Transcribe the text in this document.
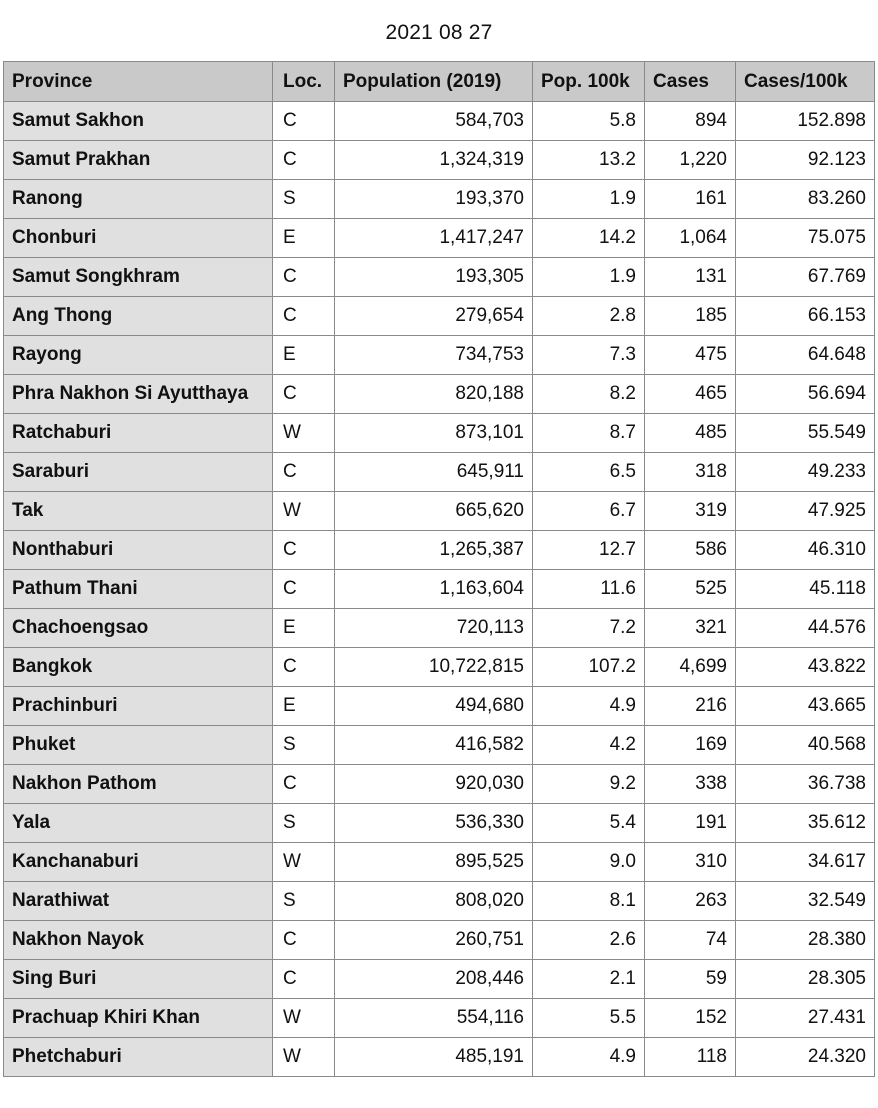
2021 08 27
Province	Loc.	Population (2019)	Pop. 100k	Cases	Cases/100k
Samut Sakhon	C	584,703	5.8	894	152.898
Samut Prakhan	C	1,324,319	13.2	1,220	92.123
Ranong	S	193,370	1.9	161	83.260
Chonburi	E	1,417,247	14.2	1,064	75.075
Samut Songkhram	C	193,305	1.9	131	67.769
Ang Thong	C	279,654	2.8	185	66.153
Rayong	E	734,753	7.3	475	64.648
Phra Nakhon Si Ayutthaya	C	820,188	8.2	465	56.694
Ratchaburi	W	873,101	8.7	485	55.549
Saraburi	C	645,911	6.5	318	49.233
Tak	W	665,620	6.7	319	47.925
Nonthaburi	C	1,265,387	12.7	586	46.310
Pathum Thani	C	1,163,604	11.6	525	45.118
Chachoengsao	E	720,113	7.2	321	44.576
Bangkok	C	10,722,815	107.2	4,699	43.822
Prachinburi	E	494,680	4.9	216	43.665
Phuket	S	416,582	4.2	169	40.568
Nakhon Pathom	C	920,030	9.2	338	36.738
Yala	S	536,330	5.4	191	35.612
Kanchanaburi	W	895,525	9.0	310	34.617
Narathiwat	S	808,020	8.1	263	32.549
Nakhon Nayok	C	260,751	2.6	74	28.380
Sing Buri	C	208,446	2.1	59	28.305
Prachuap Khiri Khan	W	554,116	5.5	152	27.431
Phetchaburi	W	485,191	4.9	118	24.320
